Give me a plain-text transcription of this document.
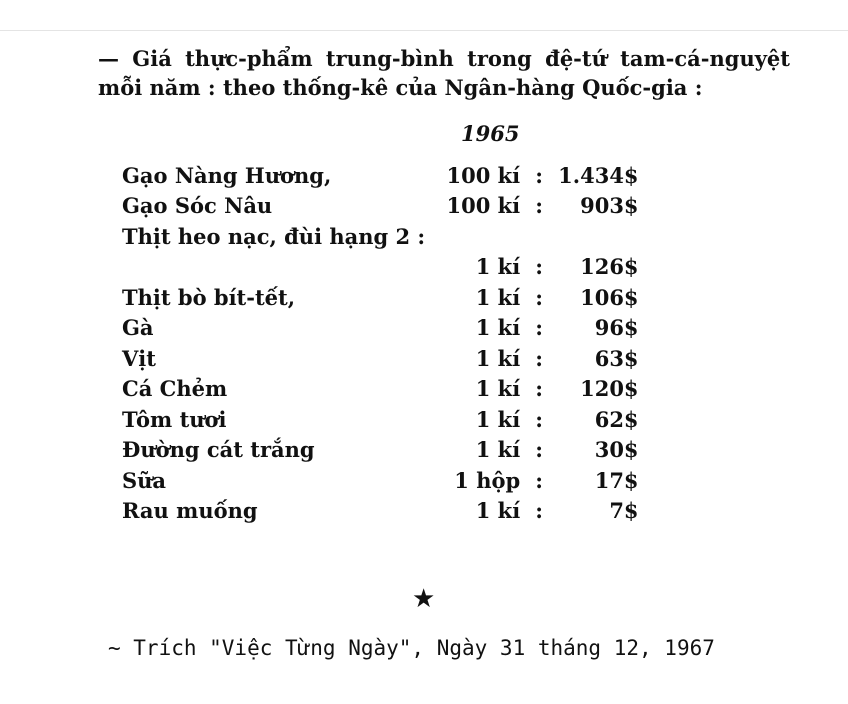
— Giá thực-phẩm trung-bình trong đệ-tứ tam-cá-nguyệt
mỗi năm : theo thống-kê của Ngân-hàng Quốc-gia :
1965
Gạo Nàng Hương,	100 kí	:	1.434$
Gạo Sóc Nâu	100 kí	:	903$
Thịt heo nạc, đùi hạng 2 :			
	1 kí	:	126$
Thịt bò bít-tết,	1 kí	:	106$
Gà	1 kí	:	96$
Vịt	1 kí	:	63$
Cá Chẻm	1 kí	:	120$
Tôm tươi	1 kí	:	62$
Đường cát trắng	1 kí	:	30$
Sữa	1 hộp	:	17$
Rau muống	1 kí	:	7$
★
~ Trích "Việc Từng Ngày", Ngày 31 tháng 12, 1967
